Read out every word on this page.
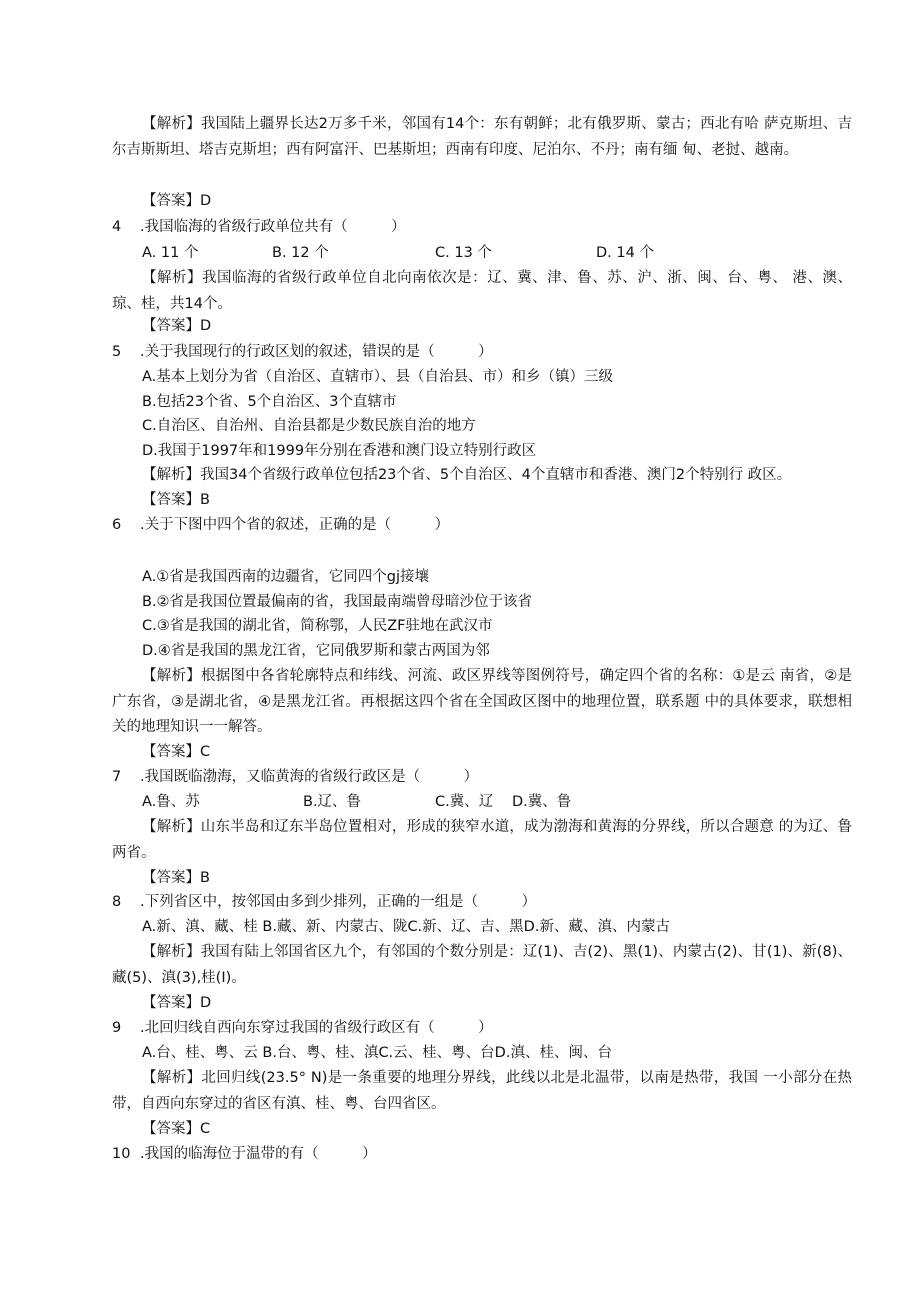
【解析】我国陆上疆界长达2万多千米，邻国有14个：东有朝鲜；北有俄罗斯、蒙古；西北有哈 萨克斯坦、吉尔吉斯斯坦、塔吉克斯坦；西有阿富汗、巴基斯坦；西南有印度、尼泊尔、不丹；南有缅 甸、老挝、越南。
【答案】D
4 .我国临海的省级行政单位共有（　　　）
A. 11 个	B. 12 个	C. 13 个	D. 14 个
【解析】我国临海的省级行政单位自北向南依次是：辽、冀、津、鲁、苏、沪、浙、闽、台、粤、 港、澳、琼、桂，共14个。
【答案】D
5 .关于我国现行的行政区划的叙述，错误的是（　　　）
A.基本上划分为省（自治区、直辖市）、县（自治县、市）和乡（镇）三级
B.包括23个省、5个自治区、3个直辖市
C.自治区、自治州、自治县都是少数民族自治的地方
D.我国于1997年和1999年分别在香港和澳门设立特别行政区
【解析】我国34个省级行政单位包括23个省、5个自治区、4个直辖市和香港、澳门2个特别行 政区。
【答案】B
6 .关于下图中四个省的叙述，正确的是（　　　）
A.①省是我国西南的边疆省，它同四个gj接壤
B.②省是我国位置最偏南的省，我国最南端曾母暗沙位于该省
C.③省是我国的湖北省，简称鄂，人民ZF驻地在武汉市
D.④省是我国的黑龙江省，它同俄罗斯和蒙古两国为邻
【解析】根据图中各省轮廓特点和纬线、河流、政区界线等图例符号，确定四个省的名称：①是云 南省，②是广东省，③是湖北省，④是黑龙江省。再根据这四个省在全国政区图中的地理位置，联系题 中的具体要求，联想相关的地理知识一一解答。
【答案】C
7 .我国既临渤海，又临黄海的省级行政区是（　　　）
A.鲁、苏	B.辽、鲁	C.冀、辽 D.冀、鲁
【解析】山东半岛和辽东半岛位置相对，形成的狭窄水道，成为渤海和黄海的分界线，所以合题意 的为辽、鲁两省。
【答案】B
8 .下列省区中，按邻国由多到少排列，正确的一组是（　　　）
A.新、滇、藏、桂 B.藏、新、内蒙古、陇C.新、辽、吉、黑D.新、藏、滇、内蒙古
【解析】我国有陆上邻国省区九个，有邻国的个数分别是：辽(1)、吉(2)、黑(1)、内蒙古(2)、甘(1)、新(8)、藏(5)、滇(3),桂(I)。
【答案】D
9 .北回归线自西向东穿过我国的省级行政区有（　　　）
A.台、桂、粤、云 B.台、粤、桂、滇C.云、桂、粤、台D.滇、桂、闽、台
【解析】北回归线(23.5° N)是一条重要的地理分界线，此线以北是北温带，以南是热带，我国 一小部分在热带，自西向东穿过的省区有滇、桂、粤、台四省区。
【答案】C
10 .我国的临海位于温带的有（　　　）
